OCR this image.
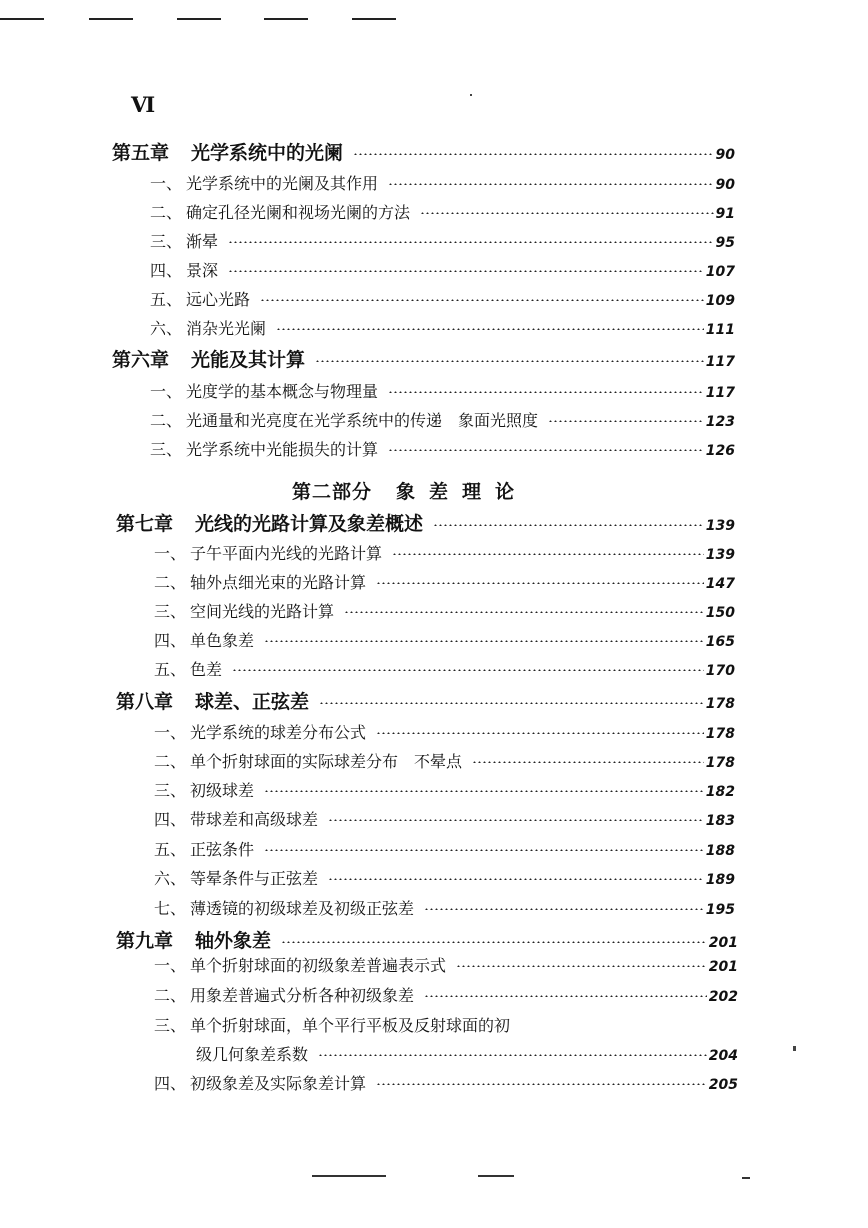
Ⅵ
第二部分 象差理论
第五章 光学系统中的光阑	90
一、 光学系统中的光阑及其作用	90
二、 确定孔径光阑和视场光阑的方法	91
三、 渐晕	95
四、 景深	107
五、 远心光路	109
六、 消杂光光阑	111
第六章 光能及其计算	117
一、 光度学的基本概念与物理量	117
二、 光通量和光亮度在光学系统中的传递　象面光照度	123
三、 光学系统中光能损失的计算	126
第七章 光线的光路计算及象差概述	139
一、 子午平面内光线的光路计算	139
二、 轴外点细光束的光路计算	147
三、 空间光线的光路计算	150
四、 单色象差	165
五、 色差	170
第八章 球差、正弦差	178
一、 光学系统的球差分布公式	178
二、 单个折射球面的实际球差分布　不晕点	178
三、 初级球差	182
四、 带球差和高级球差	183
五、 正弦条件	188
六、 等晕条件与正弦差	189
七、 薄透镜的初级球差及初级正弦差	195
第九章 轴外象差	201
一、 单个折射球面的初级象差普遍表示式	201
二、 用象差普遍式分析各种初级象差	202
三、 单个折射球面，单个平行平板及反射球面的初
级几何象差系数	204
四、 初级象差及实际象差计算	205
